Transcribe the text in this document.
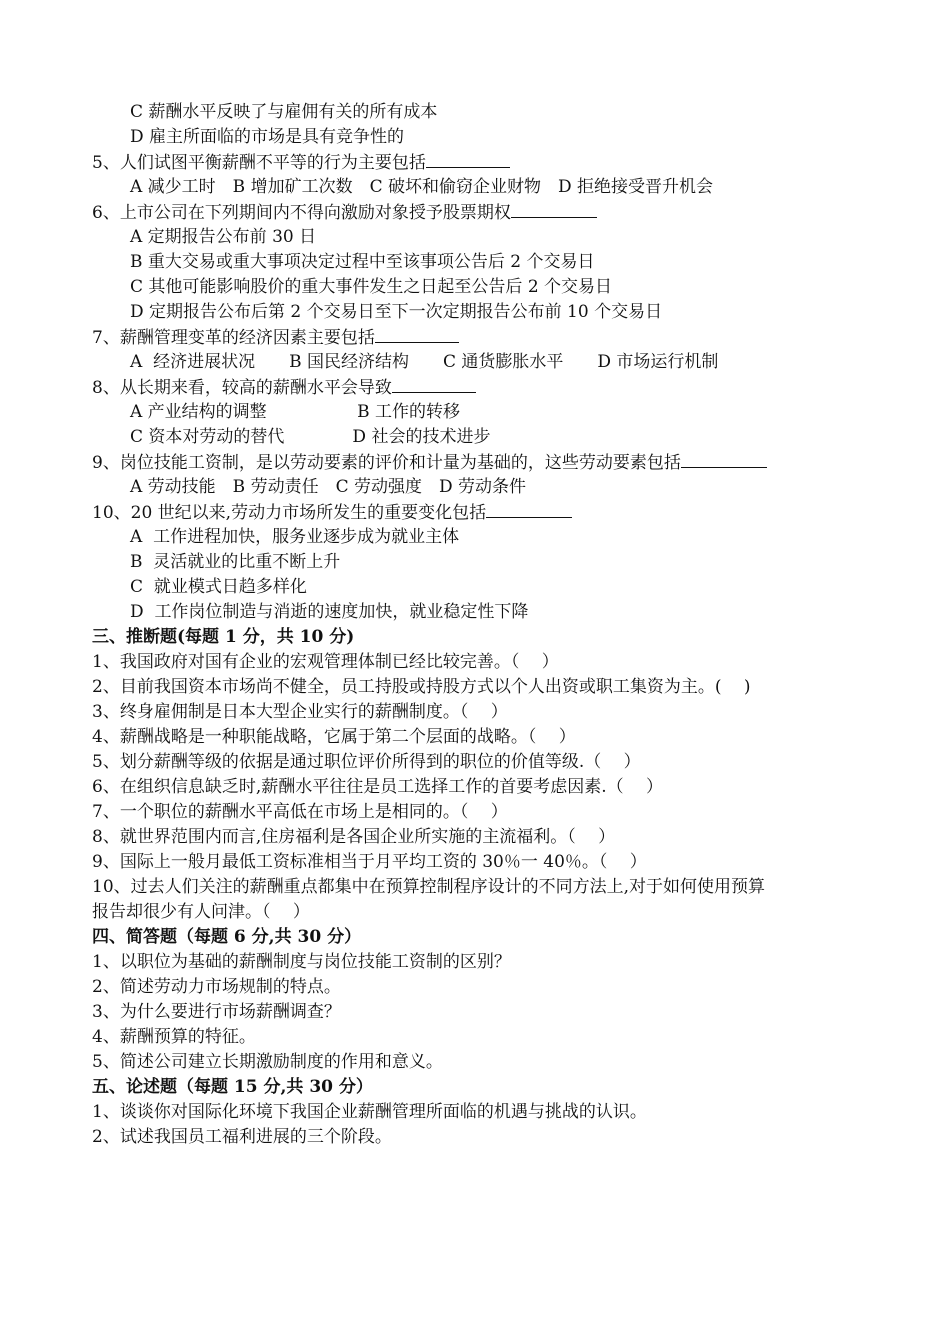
C 薪酬水平反映了与雇佣有关的所有成本
D 雇主所面临的市场是具有竞争性的
5、人们试图平衡薪酬不平等的行为主要包括
A 减少工时　B 增加矿工次数　C 破坏和偷窃企业财物　D 拒绝接受晋升机会
6、上市公司在下列期间内不得向激励对象授予股票期权
A 定期报告公布前 30 日
B 重大交易或重大事项决定过程中至该事项公告后 2 个交易日
C 其他可能影响股价的重大事件发生之日起至公告后 2 个交易日
D 定期报告公布后第 2 个交易日至下一次定期报告公布前 10 个交易日
7、薪酬管理变革的经济因素主要包括
A  经济进展状况　　B 国民经济结构　　C 通货膨胀水平　　D 市场运行机制
8、从长期来看，较高的薪酬水平会导致
A 产业结构的调整　　　　　 B 工作的转移
C 资本对劳动的替代　　　　D 社会的技术进步
9、岗位技能工资制，是以劳动要素的评价和计量为基础的，这些劳动要素包括
A 劳动技能　B 劳动责任　C 劳动强度　D 劳动条件
10、20 世纪以来,劳动力市场所发生的重要变化包括
A  工作进程加快，服务业逐步成为就业主体
B  灵活就业的比重不断上升
C  就业模式日趋多样化
D  工作岗位制造与消逝的速度加快，就业稳定性下降
三、推断题(每题 1 分，共 10 分)
1、我国政府对国有企业的宏观管理体制已经比较完善。（　 ）
2、目前我国资本市场尚不健全，员工持股或持股方式以个人出资或职工集资为主。(　 )
3、终身雇佣制是日本大型企业实行的薪酬制度。（　 ）
4、薪酬战略是一种职能战略，它属于第二个层面的战略。（　 ）
5、划分薪酬等级的依据是通过职位评价所得到的职位的价值等级.（　 ）
6、在组织信息缺乏时,薪酬水平往往是员工选择工作的首要考虑因素.（　 ）
7、一个职位的薪酬水平高低在市场上是相同的。（　 ）
8、就世界范围内而言,住房福利是各国企业所实施的主流福利。（　 ）
9、国际上一般月最低工资标准相当于月平均工资的 30％一 40％。（　 ）
10、过去人们关注的薪酬重点都集中在预算控制程序设计的不同方法上,对于如何使用预算
报告却很少有人问津。（　 ）
四、简答题（每题 6 分,共 30 分）
1、以职位为基础的薪酬制度与岗位技能工资制的区别？
2、简述劳动力市场规制的特点。
3、为什么要进行市场薪酬调查？
4、薪酬预算的特征。
5、简述公司建立长期激励制度的作用和意义。
五、论述题（每题 15 分,共 30 分）
1、谈谈你对国际化环境下我国企业薪酬管理所面临的机遇与挑战的认识。
2、试述我国员工福利进展的三个阶段。
